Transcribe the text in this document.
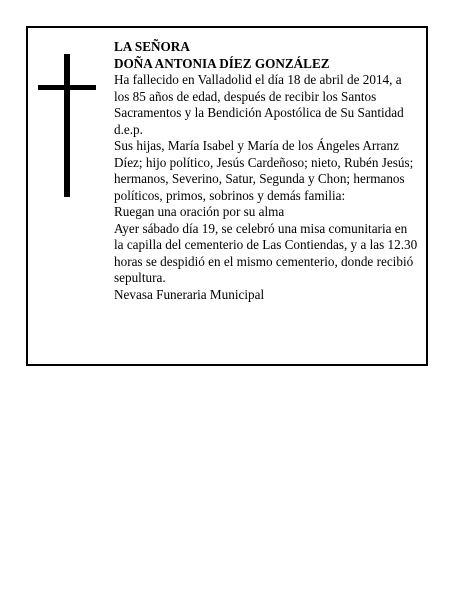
LA SEÑORA

DOÑA ANTONIA DÍEZ GONZÁLEZ

Ha fallecido en Valladolid el día 18 de abril de 2014, a los 85 años de edad, después de recibir los Santos Sacramentos y la Bendición Apostólica de Su Santidad d.e.p.

Sus hijas, María Isabel y María de los Ángeles Arranz Díez; hijo político, Jesús Cardeñoso; nieto, Rubén Jesús; hermanos, Severino, Satur, Segunda y Chon; hermanos políticos, primos, sobrinos y demás familia:

Ruegan una oración por su alma

Ayer sábado día 19, se celebró una misa comunitaria en la capilla del cementerio de Las Contiendas, y a las 12.30 horas se despidió en el mismo cementerio, donde recibió sepultura.

Nevasa Funeraria Municipal
